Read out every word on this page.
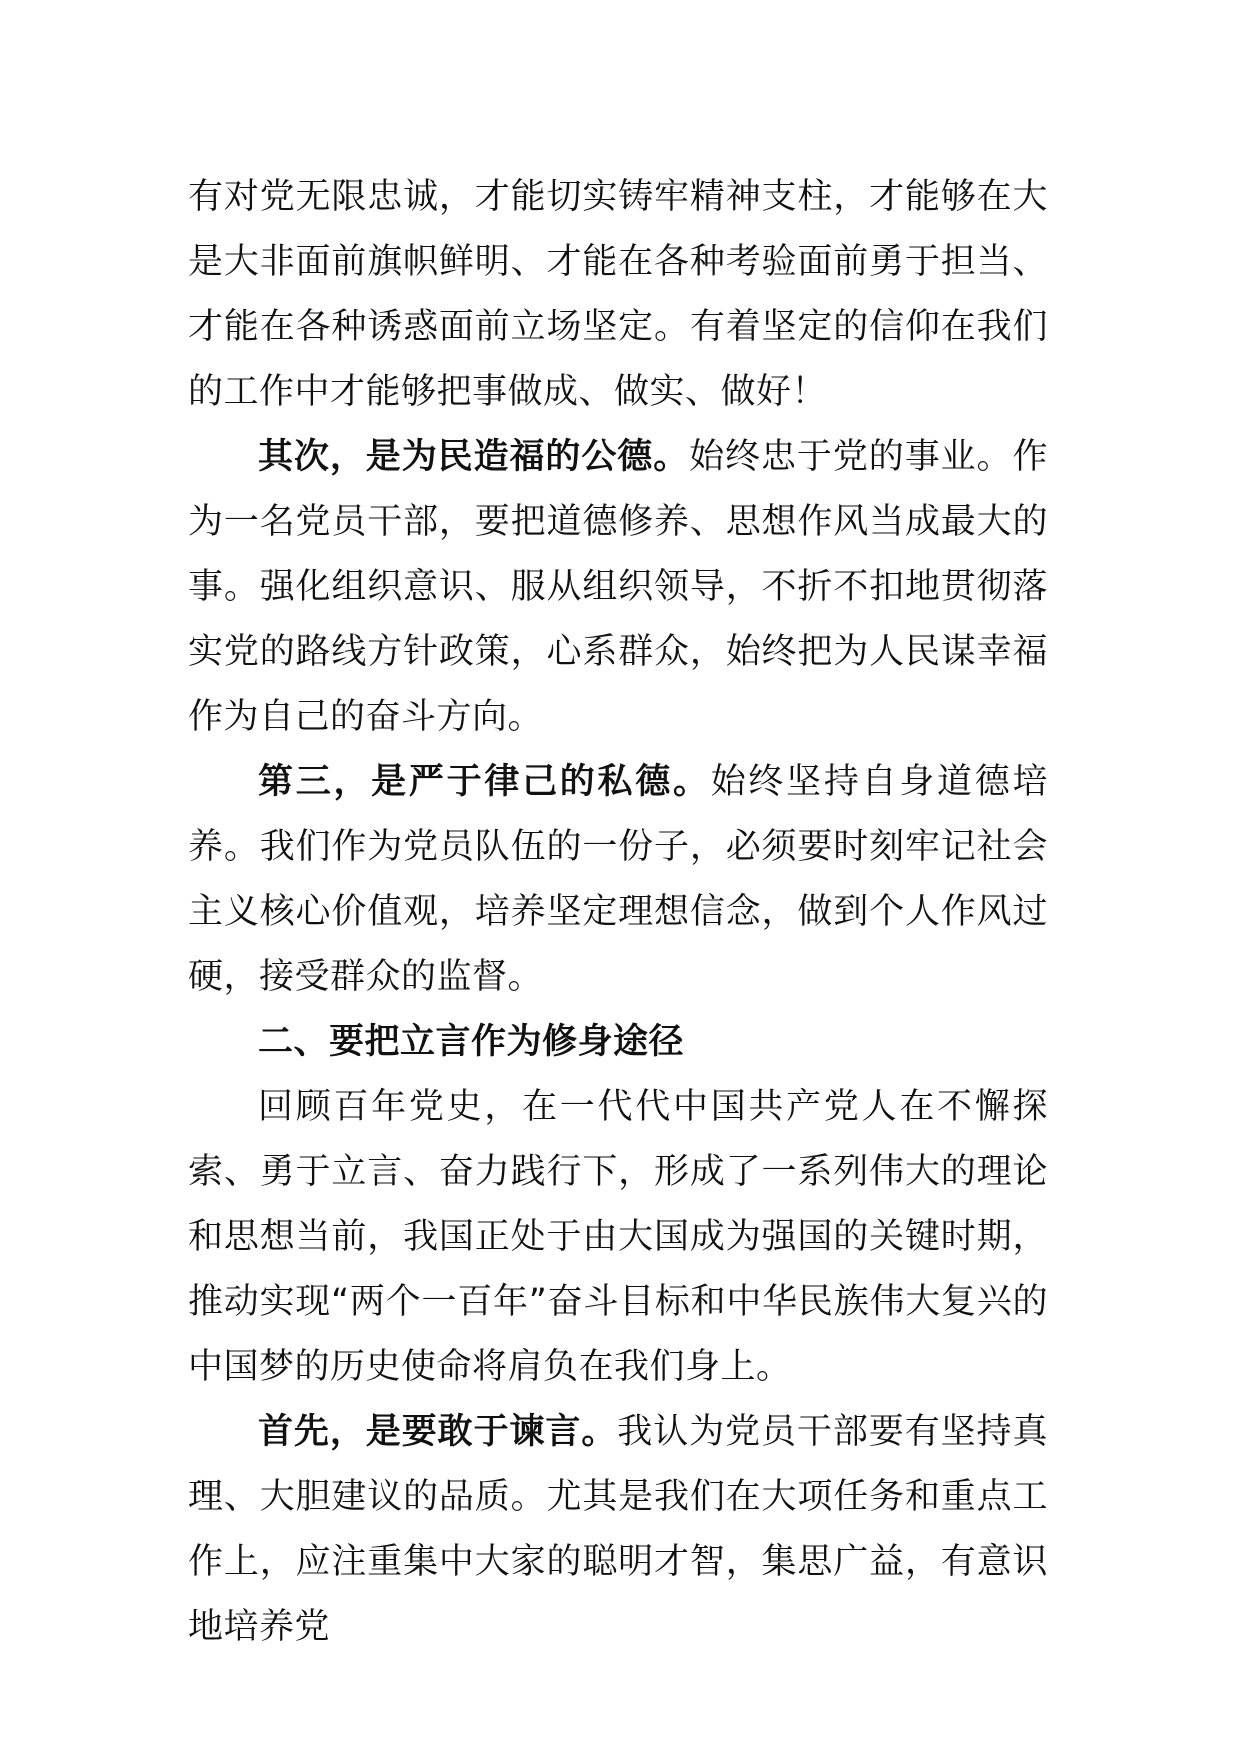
有对党无限忠诚，才能切实铸牢精神支柱，才能够在大是大非面前旗帜鲜明、才能在各种考验面前勇于担当、才能在各种诱惑面前立场坚定。有着坚定的信仰在我们的工作中才能够把事做成、做实、做好！

其次，是为民造福的公德。始终忠于党的事业。作为一名党员干部，要把道德修养、思想作风当成最大的事。强化组织意识、服从组织领导，不折不扣地贯彻落实党的路线方针政策，心系群众，始终把为人民谋幸福作为自己的奋斗方向。

第三，是严于律己的私德。始终坚持自身道德培养。我们作为党员队伍的一份子，必须要时刻牢记社会主义核心价值观，培养坚定理想信念，做到个人作风过硬，接受群众的监督。

二、要把立言作为修身途径

回顾百年党史，在一代代中国共产党人在不懈探索、勇于立言、奋力践行下，形成了一系列伟大的理论和思想当前，我国正处于由大国成为强国的关键时期，推动实现“两个一百年”奋斗目标和中华民族伟大复兴的中国梦的历史使命将肩负在我们身上。

首先，是要敢于谏言。我认为党员干部要有坚持真理、大胆建议的品质。尤其是我们在大项任务和重点工作上，应注重集中大家的聪明才智，集思广益，有意识地培养党
